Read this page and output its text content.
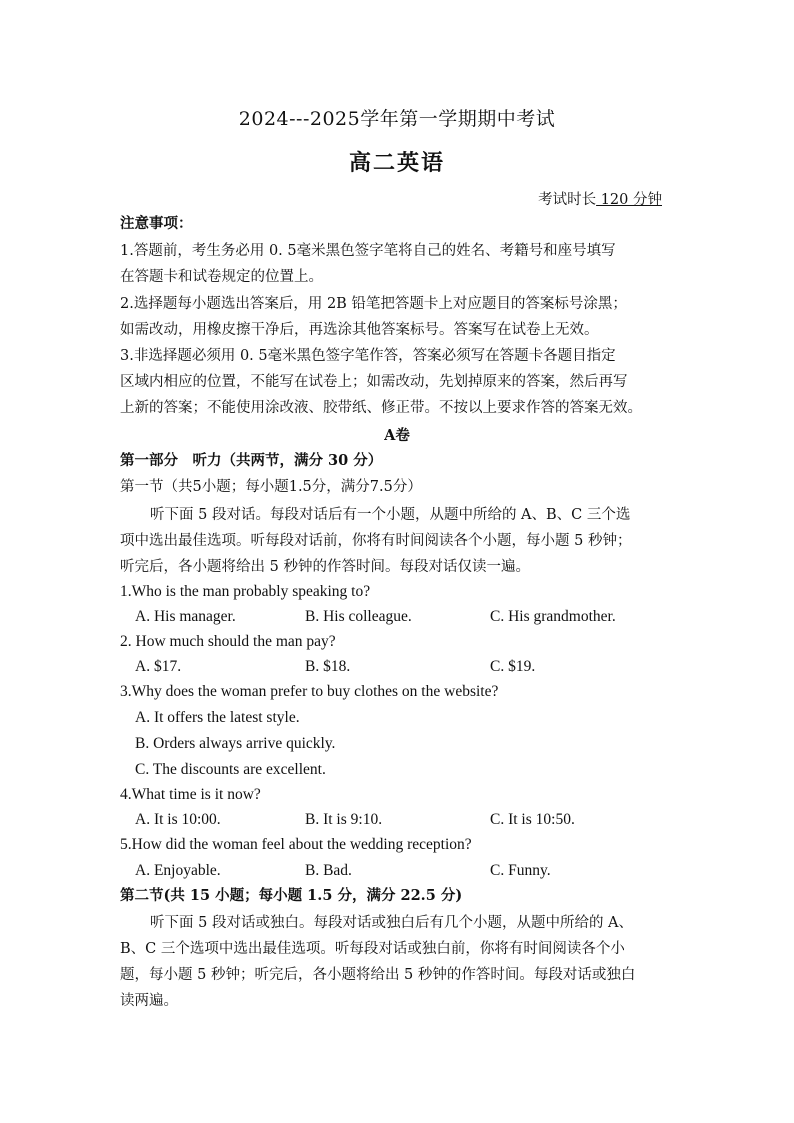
2024---2025学年第一学期期中考试
高二英语
考试时长 120 分钟
注意事项：
1.答题前，考生务必用 0. 5毫米黑色签字笔将自己的姓名、考籍号和座号填写
在答题卡和试卷规定的位置上。
2.选择题每小题选出答案后，用 2B 铅笔把答题卡上对应题目的答案标号涂黑；
如需改动，用橡皮擦干净后，再选涂其他答案标号。答案写在试卷上无效。
3.非选择题必须用 0. 5毫米黑色签字笔作答，答案必须写在答题卡各题目指定
区域内相应的位置，不能写在试卷上；如需改动，先划掉原来的答案，然后再写
上新的答案；不能使用涂改液、胶带纸、修正带。不按以上要求作答的答案无效。
A卷
第一部分　听力（共两节，满分 30 分）
第一节（共5小题；每小题1.5分，满分7.5分）
听下面 5 段对话。每段对话后有一个小题，从题中所给的 A、B、C 三个选
项中选出最佳选项。听每段对话前，你将有时间阅读各个小题，每小题 5 秒钟；
听完后，各小题将给出 5 秒钟的作答时间。每段对话仅读一遍。
1.Who is the man probably speaking to?
A. His manager.	B. His colleague.	C. His grandmother.
2. How much should the man pay?
A. $17.	B. $18.	C. $19.
3.Why does the woman prefer to buy clothes on the website?
A. It offers the latest style.
B. Orders always arrive quickly.
C. The discounts are excellent.
4.What time is it now?
A. It is 10:00.	B. It is 9:10.	C. It is 10:50.
5.How did the woman feel about the wedding reception?
A. Enjoyable.	B. Bad.	C. Funny.
第二节(共 15 小题；每小题 1.5 分，满分 22.5 分)
听下面 5 段对话或独白。每段对话或独白后有几个小题，从题中所给的 A、
B、C 三个选项中选出最佳选项。听每段对话或独白前，你将有时间阅读各个小
题，每小题 5 秒钟；听完后，各小题将给出 5 秒钟的作答时间。每段对话或独白
读两遍。
